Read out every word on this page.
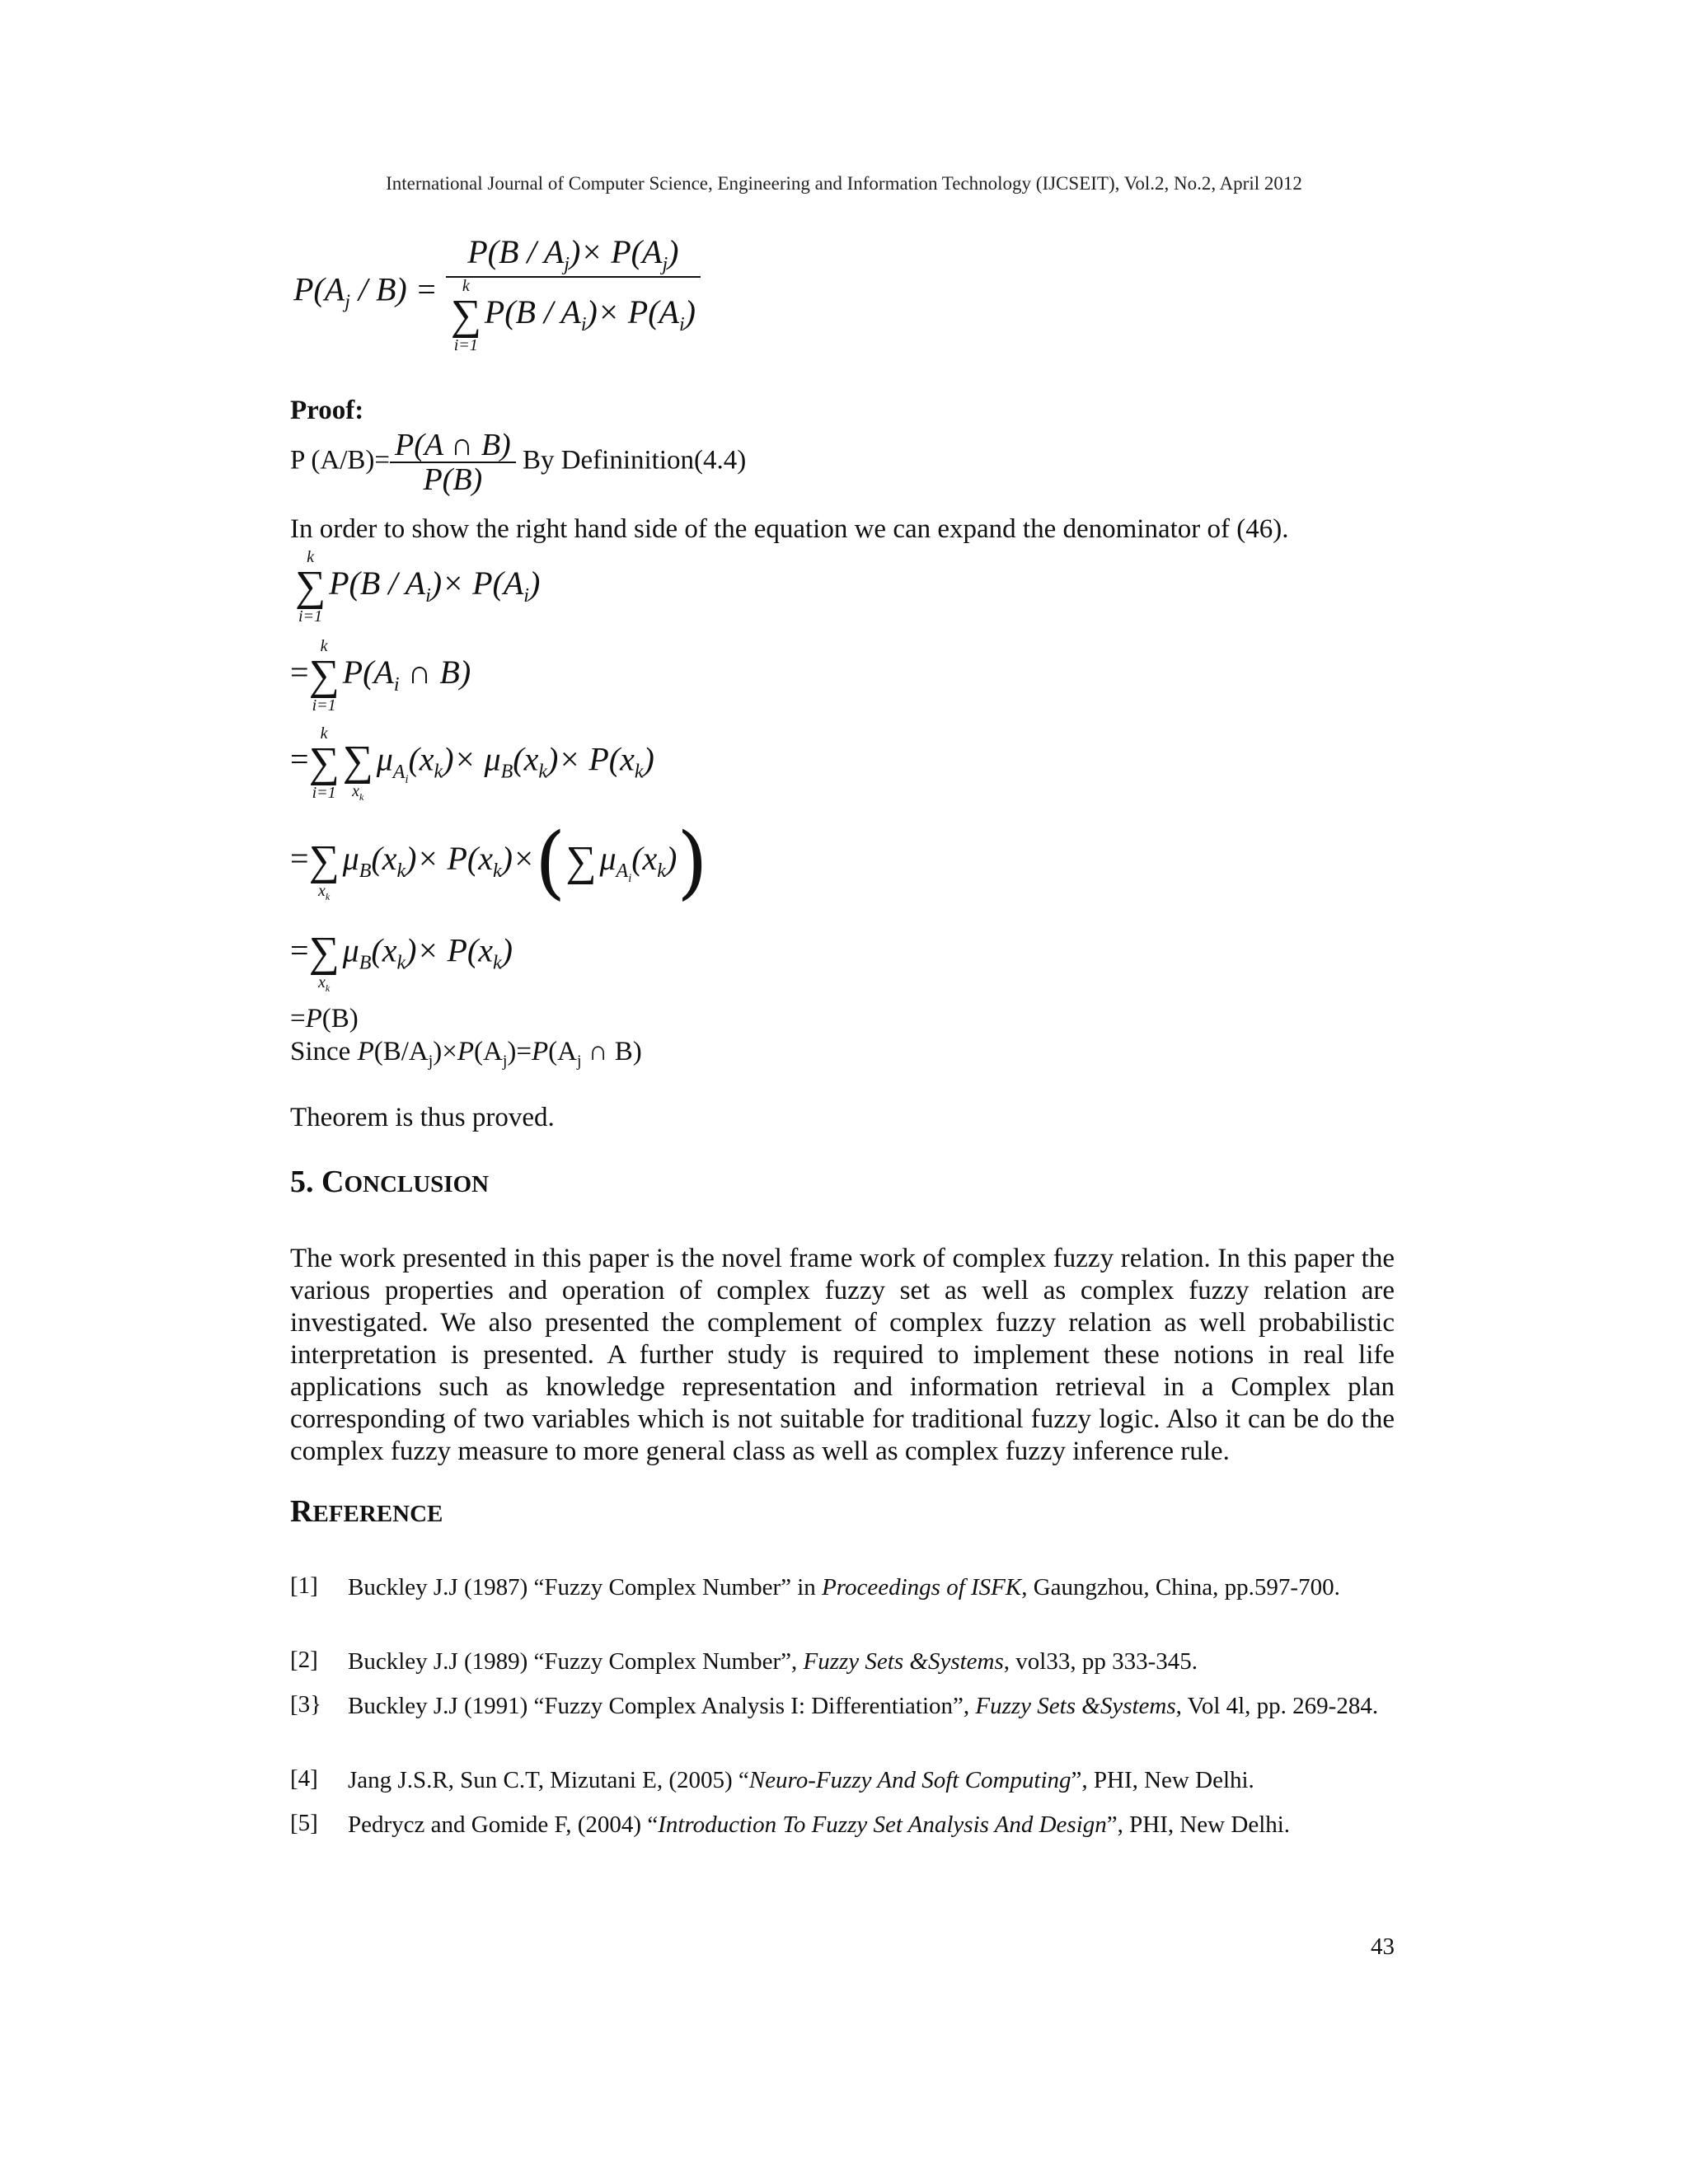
International Journal of Computer Science, Engineering and Information Technology (IJCSEIT), Vol.2, No.2, April 2012
$P(A_j / B) = P(B / A_j)\times P(A_j)$
k
∑
i=1
$P(B / A_i)\times P(A_i)$
Proof:
P $(A/B)= \frac{P(A \cap B)}{P(B)}$ By Defininition(4.4)
In order to show the right hand side of the equation we can expand the denominator of (46).
k
∑
i=1
$P(B / A_i)\times P(A_i)$
=
k
∑
i=1
$P(A_i$ ∩ B)
=
k
∑
i=1

∑
$x_k$
$\mu_{A_i}(x_k)\times \mu_B(x_k)\times P(x_k)$
=
∑
$x_k$
$\mu_B(x_k)\times P(x_k)\times$(
∑
$\mu_{A_i}(x_k)$)
=
∑
$x_k$
$\mu_B(x_k)\times P(x_k)$
=P(B)
Since $P(B/A_j)\times P(A_j)=P(A_j$ ∩ B)
Theorem is thus proved.
5. CONCLUSION
The work presented in this paper is the novel frame work of complex fuzzy relation. In this paper the various properties and operation of complex fuzzy set as well as complex fuzzy relation are investigated. We also presented the complement of complex fuzzy relation as well probabilistic interpretation is presented. A further study is required to implement these notions in real life applications such as knowledge representation and information retrieval in a Complex plan corresponding of two variables which is not suitable for traditional fuzzy logic. Also it can be do the complex fuzzy measure to more general class as well as complex fuzzy inference rule.
REFERENCE
[1] Buckley J.J (1987) “Fuzzy Complex Number” in Proceedings of ISFK, Gaungzhou, China, pp.597-700.
[2] Buckley J.J (1989) “Fuzzy Complex Number”, Fuzzy Sets &Systems, vol33, pp 333-345.
[3} Buckley J.J (1991) “Fuzzy Complex Analysis I: Differentiation”, Fuzzy Sets &Systems, Vol 4l, pp. 269-284.
[4] Jang J.S.R, Sun C.T, Mizutani E, (2005) “Neuro-Fuzzy And Soft Computing”, PHI, New Delhi.
[5] Pedrycz and Gomide F, (2004) “Introduction To Fuzzy Set Analysis And Design”, PHI, New Delhi.
43
